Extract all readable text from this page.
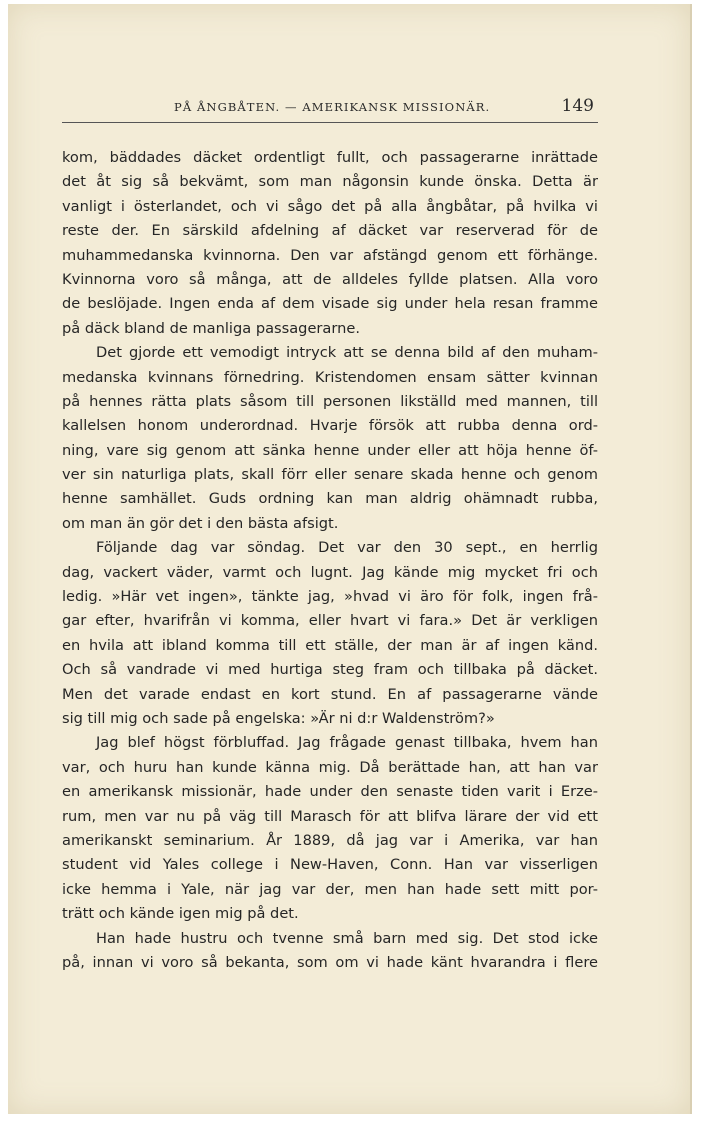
PÅ ÅNGBÅTEN. — AMERIKANSK MISSIONÄR.	149
kom, bäddades däcket ordentligt fullt, och passagerarne inrättade
det åt sig så bekvämt, som man någonsin kunde önska. Detta är
vanligt i österlandet, och vi sågo det på alla ångbåtar, på hvilka vi
reste der. En särskild afdelning af däcket var reserverad för de
muhammedanska kvinnorna. Den var afstängd genom ett förhänge.
Kvinnorna voro så många, att de alldeles fyllde platsen. Alla voro
de beslöjade. Ingen enda af dem visade sig under hela resan framme
på däck bland de manliga passagerarne.
Det gjorde ett vemodigt intryck att se denna bild af den muham-
medanska kvinnans förnedring. Kristendomen ensam sätter kvinnan
på hennes rätta plats såsom till personen likställd med mannen, till
kallelsen honom underordnad. Hvarje försök att rubba denna ord-
ning, vare sig genom att sänka henne under eller att höja henne öf-
ver sin naturliga plats, skall förr eller senare skada henne och genom
henne samhället. Guds ordning kan man aldrig ohämnadt rubba,
om man än gör det i den bästa afsigt.
Följande dag var söndag. Det var den 30 sept., en herrlig
dag, vackert väder, varmt och lugnt. Jag kände mig mycket fri och
ledig. »Här vet ingen», tänkte jag, »hvad vi äro för folk, ingen frå-
gar efter, hvarifrån vi komma, eller hvart vi fara.» Det är verkligen
en hvila att ibland komma till ett ställe, der man är af ingen känd.
Och så vandrade vi med hurtiga steg fram och tillbaka på däcket.
Men det varade endast en kort stund. En af passagerarne vände
sig till mig och sade på engelska: »Är ni d:r Waldenström?»
Jag blef högst förbluffad. Jag frågade genast tillbaka, hvem han
var, och huru han kunde känna mig. Då berättade han, att han var
en amerikansk missionär, hade under den senaste tiden varit i Erze-
rum, men var nu på väg till Marasch för att blifva lärare der vid ett
amerikanskt seminarium. År 1889, då jag var i Amerika, var han
student vid Yales college i New-Haven, Conn. Han var visserligen
icke hemma i Yale, när jag var der, men han hade sett mitt por-
trätt och kände igen mig på det.
Han hade hustru och tvenne små barn med sig. Det stod icke
på, innan vi voro så bekanta, som om vi hade känt hvarandra i flere
